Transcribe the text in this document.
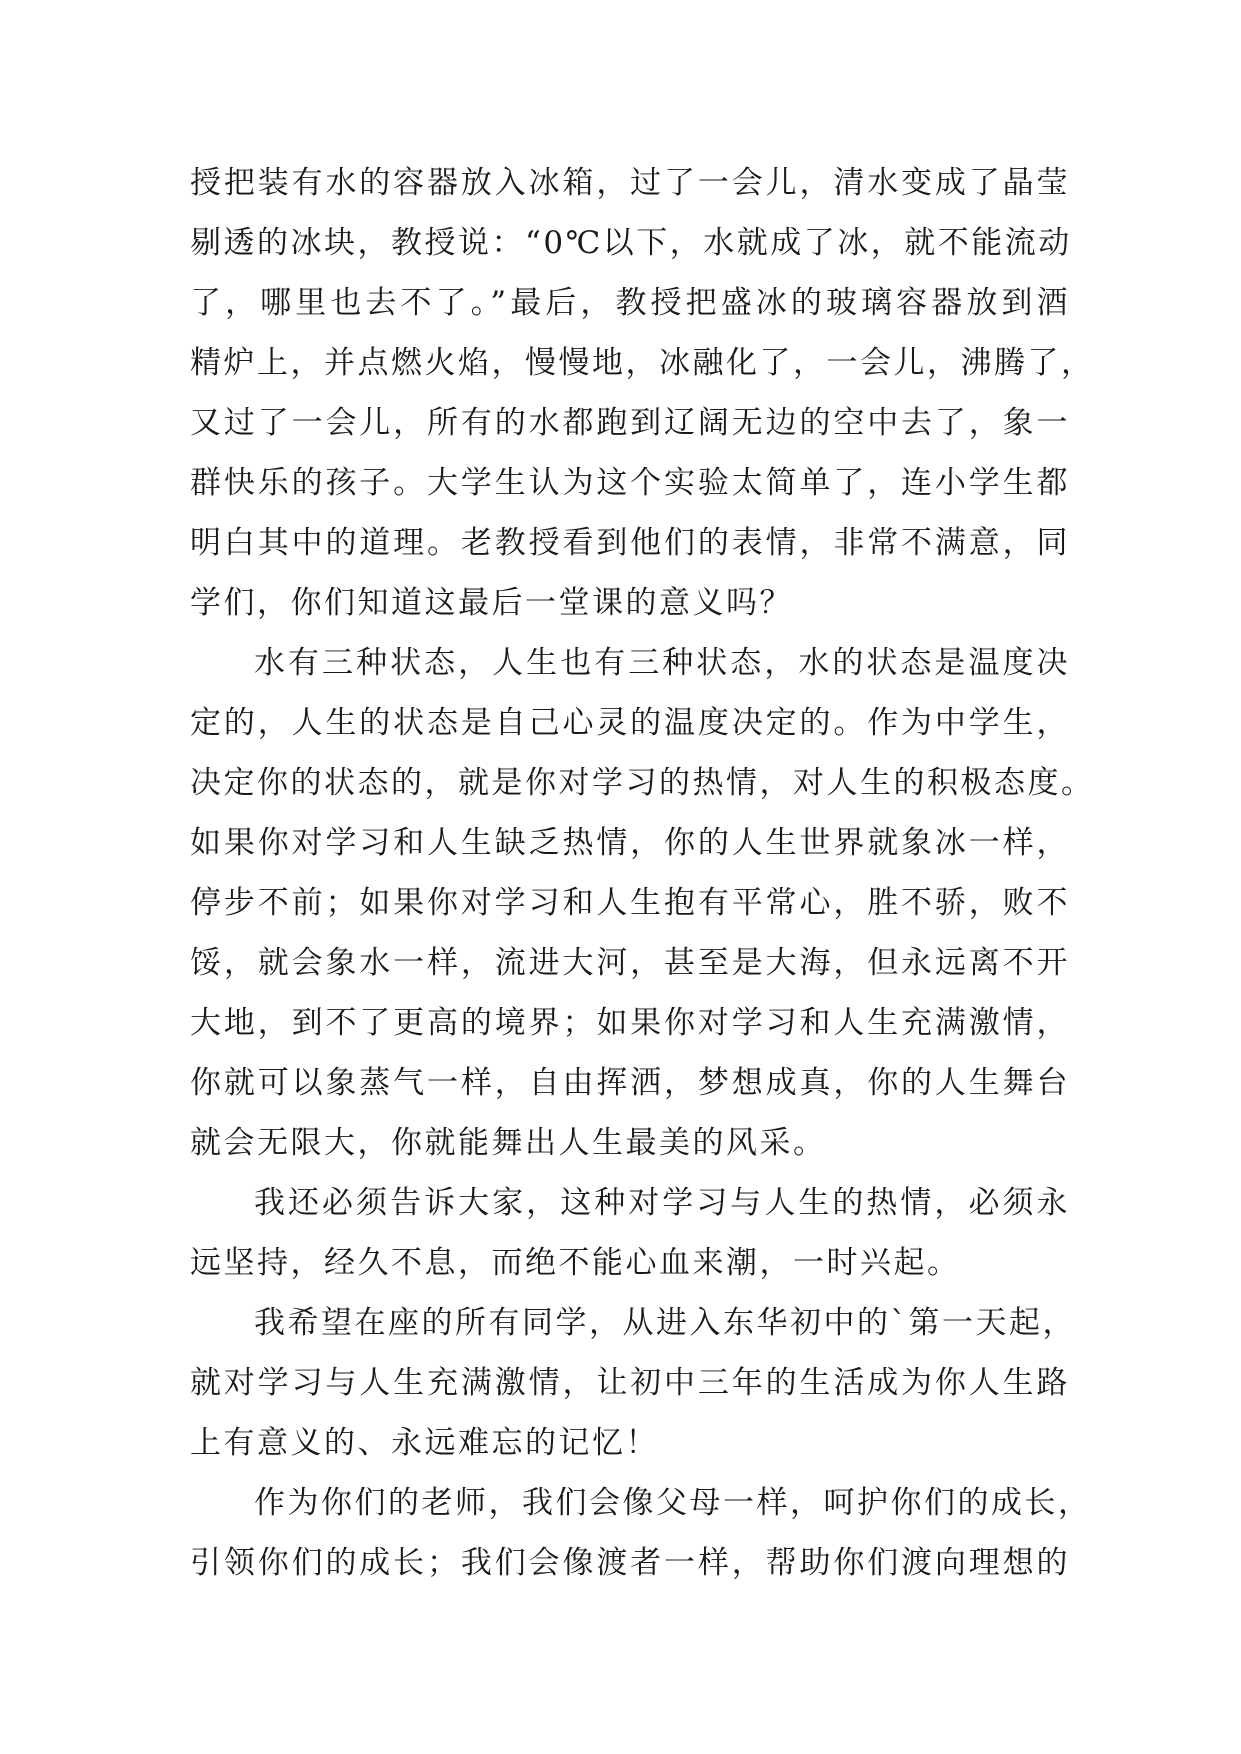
授把装有水的容器放入冰箱，过了一会儿，清水变成了晶莹
剔透的冰块，教授说：“0℃以下，水就成了冰，就不能流动
了，哪里也去不了。”最后，教授把盛冰的玻璃容器放到酒
精炉上，并点燃火焰，慢慢地，冰融化了，一会儿，沸腾了，
又过了一会儿，所有的水都跑到辽阔无边的空中去了，象一
群快乐的孩子。大学生认为这个实验太简单了，连小学生都
明白其中的道理。老教授看到他们的表情，非常不满意，同
学们，你们知道这最后一堂课的意义吗？
水有三种状态，人生也有三种状态，水的状态是温度决
定的，人生的状态是自己心灵的温度决定的。作为中学生，
决定你的状态的，就是你对学习的热情，对人生的积极态度。
如果你对学习和人生缺乏热情，你的人生世界就象冰一样，
停步不前；如果你对学习和人生抱有平常心，胜不骄，败不
馁，就会象水一样，流进大河，甚至是大海，但永远离不开
大地，到不了更高的境界；如果你对学习和人生充满激情，
你就可以象蒸气一样，自由挥洒，梦想成真，你的人生舞台
就会无限大，你就能舞出人生最美的风采。
我还必须告诉大家，这种对学习与人生的热情，必须永
远坚持，经久不息，而绝不能心血来潮，一时兴起。
我希望在座的所有同学，从进入东华初中的`第一天起，
就对学习与人生充满激情，让初中三年的生活成为你人生路
上有意义的、永远难忘的记忆！
作为你们的老师，我们会像父母一样，呵护你们的成长，
引领你们的成长；我们会像渡者一样，帮助你们渡向理想的
